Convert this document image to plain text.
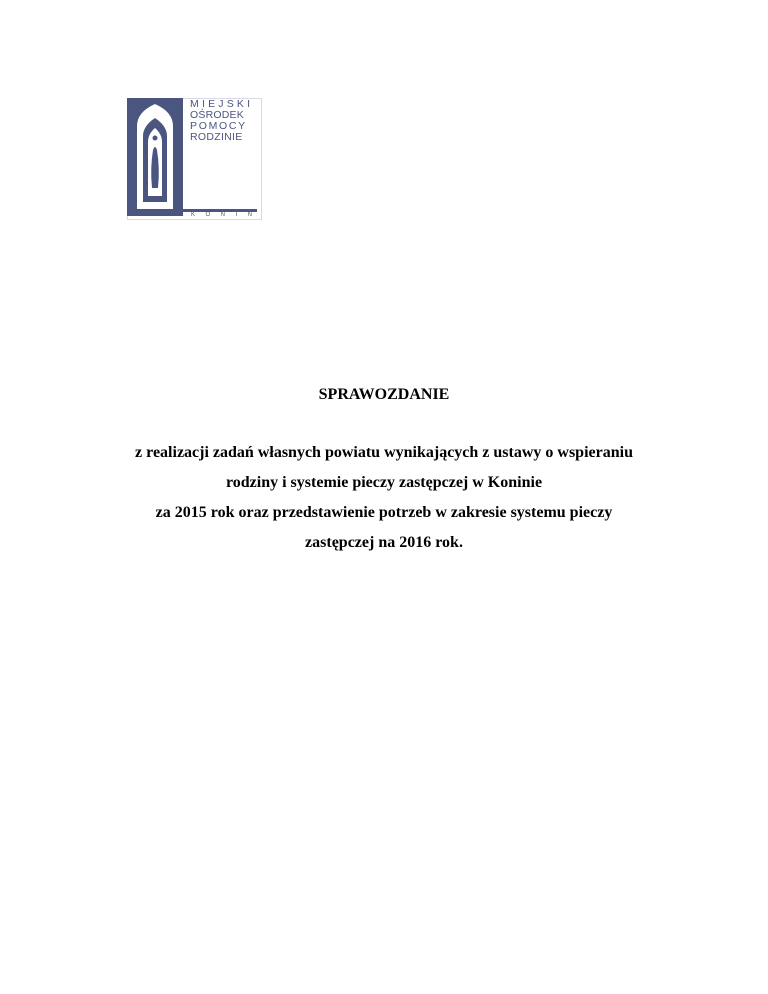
MIEJSKI
OŚRODEK
POMOCY
RODZINIE
KONIN
SPRAWOZDANIE
z realizacji zadań własnych powiatu wynikających z ustawy o wspieraniu
rodziny i systemie pieczy zastępczej w Koninie
za 2015 rok oraz przedstawienie potrzeb w zakresie systemu pieczy
zastępczej na 2016 rok.
